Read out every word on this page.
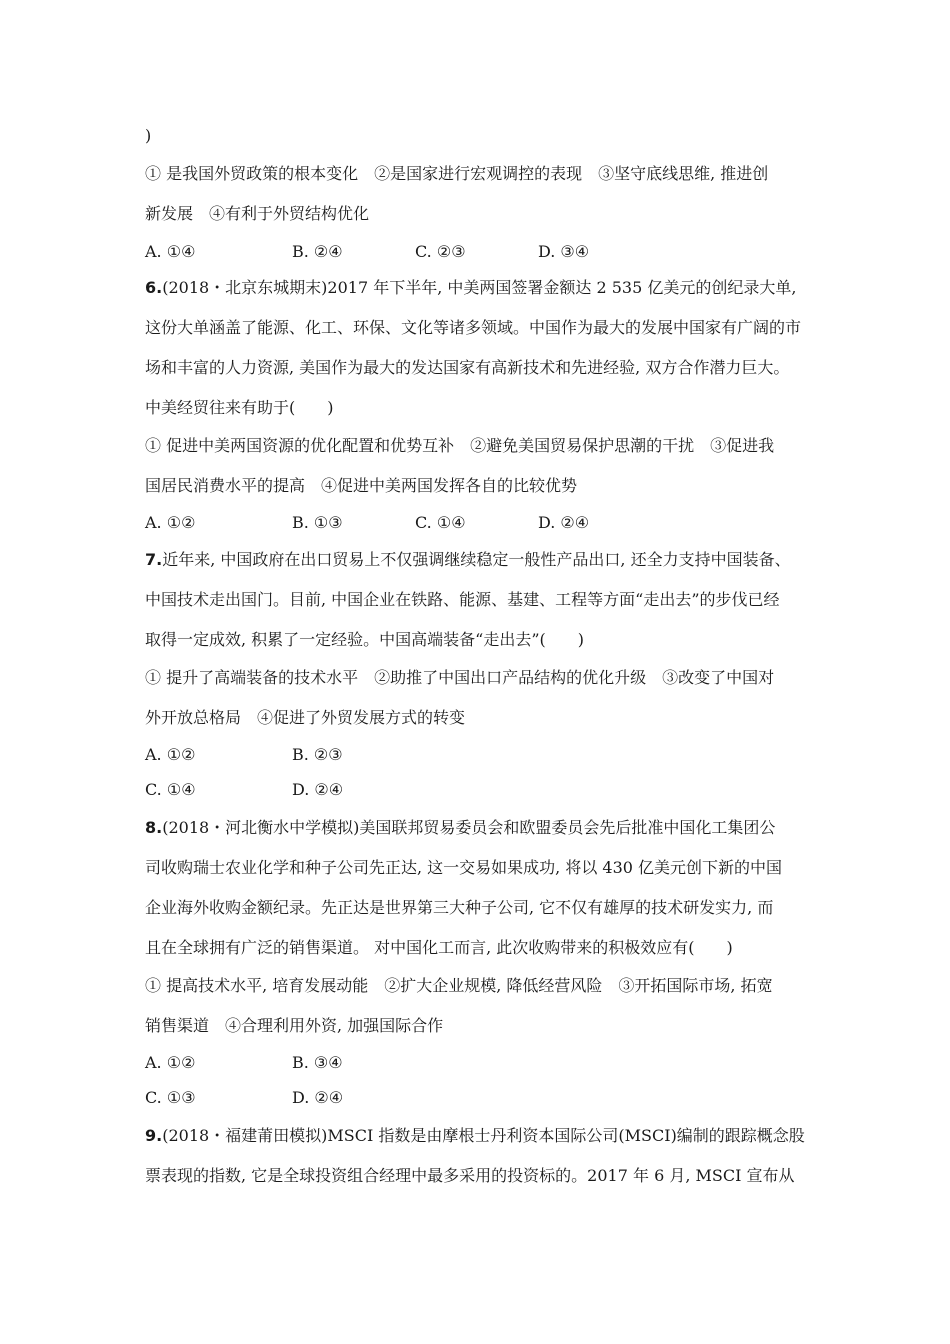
)
① 是我国外贸政策的根本变化　②是国家进行宏观调控的表现　③坚守底线思维, 推进创
新发展　④有利于外贸结构优化
A. ①④	B. ②④	C. ②③	D. ③④
6.(2018・北京东城期末)2017 年下半年, 中美两国签署金额达 2 535 亿美元的创纪录大单,
这份大单涵盖了能源、化工、环保、文化等诸多领域。中国作为最大的发展中国家有广阔的市
场和丰富的人力资源, 美国作为最大的发达国家有高新技术和先进经验, 双方合作潜力巨大。
中美经贸往来有助于(　　)
① 促进中美两国资源的优化配置和优势互补　②避免美国贸易保护思潮的干扰　③促进我
国居民消费水平的提高　④促进中美两国发挥各自的比较优势
A. ①②	B. ①③	C. ①④	D. ②④
7.近年来, 中国政府在出口贸易上不仅强调继续稳定一般性产品出口, 还全力支持中国装备、
中国技术走出国门。目前, 中国企业在铁路、能源、基建、工程等方面“走出去”的步伐已经
取得一定成效, 积累了一定经验。中国高端装备“走出去”(　　)
① 提升了高端装备的技术水平　②助推了中国出口产品结构的优化升级　③改变了中国对
外开放总格局　④促进了外贸发展方式的转变
A. ①②	B. ②③
C. ①④	D. ②④
8.(2018・河北衡水中学模拟)美国联邦贸易委员会和欧盟委员会先后批准中国化工集团公
司收购瑞士农业化学和种子公司先正达, 这一交易如果成功, 将以 430 亿美元创下新的中国
企业海外收购金额纪录。先正达是世界第三大种子公司, 它不仅有雄厚的技术研发实力, 而
且在全球拥有广泛的销售渠道。 对中国化工而言, 此次收购带来的积极效应有(　　)
① 提高技术水平, 培育发展动能　②扩大企业规模, 降低经营风险　③开拓国际市场, 拓宽
销售渠道　④合理利用外资, 加强国际合作
A. ①②	B. ③④
C. ①③	D. ②④
9.(2018・福建莆田模拟)MSCI 指数是由摩根士丹利资本国际公司(MSCI)编制的跟踪概念股
票表现的指数, 它是全球投资组合经理中最多采用的投资标的。2017 年 6 月, MSCI 宣布从
